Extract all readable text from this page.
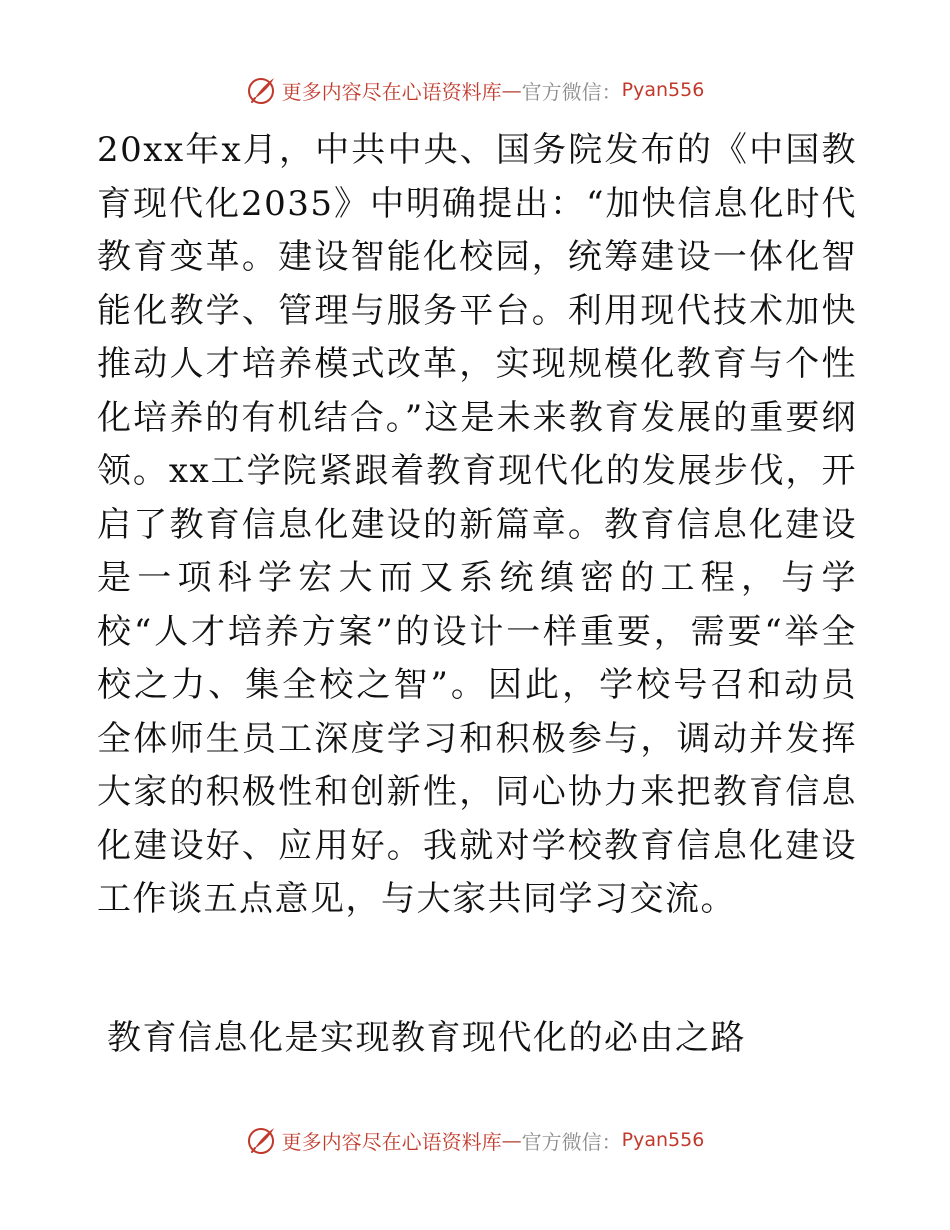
更多内容尽在心语资料库 — 官方微信： Pyan556

20xx年x月，中共中央、国务院发布的《中国教育现代化2035》中明确提出：“加快信息化时代教育变革。建设智能化校园，统筹建设一体化智能化教学、管理与服务平台。利用现代技术加快推动人才培养模式改革，实现规模化教育与个性化培养的有机结合。”这是未来教育发展的重要纲领。xx工学院紧跟着教育现代化的发展步伐，开启了教育信息化建设的新篇章。教育信息化建设是一项科学宏大而又系统缜密的工程，与学校“人才培养方案”的设计一样重要，需要“举全校之力、集全校之智”。因此，学校号召和动员全体师生员工深度学习和积极参与，调动并发挥大家的积极性和创新性，同心协力来把教育信息化建设好、应用好。我就对学校教育信息化建设工作谈五点意见，与大家共同学习交流。

教育信息化是实现教育现代化的必由之路

更多内容尽在心语资料库 — 官方微信： Pyan556
